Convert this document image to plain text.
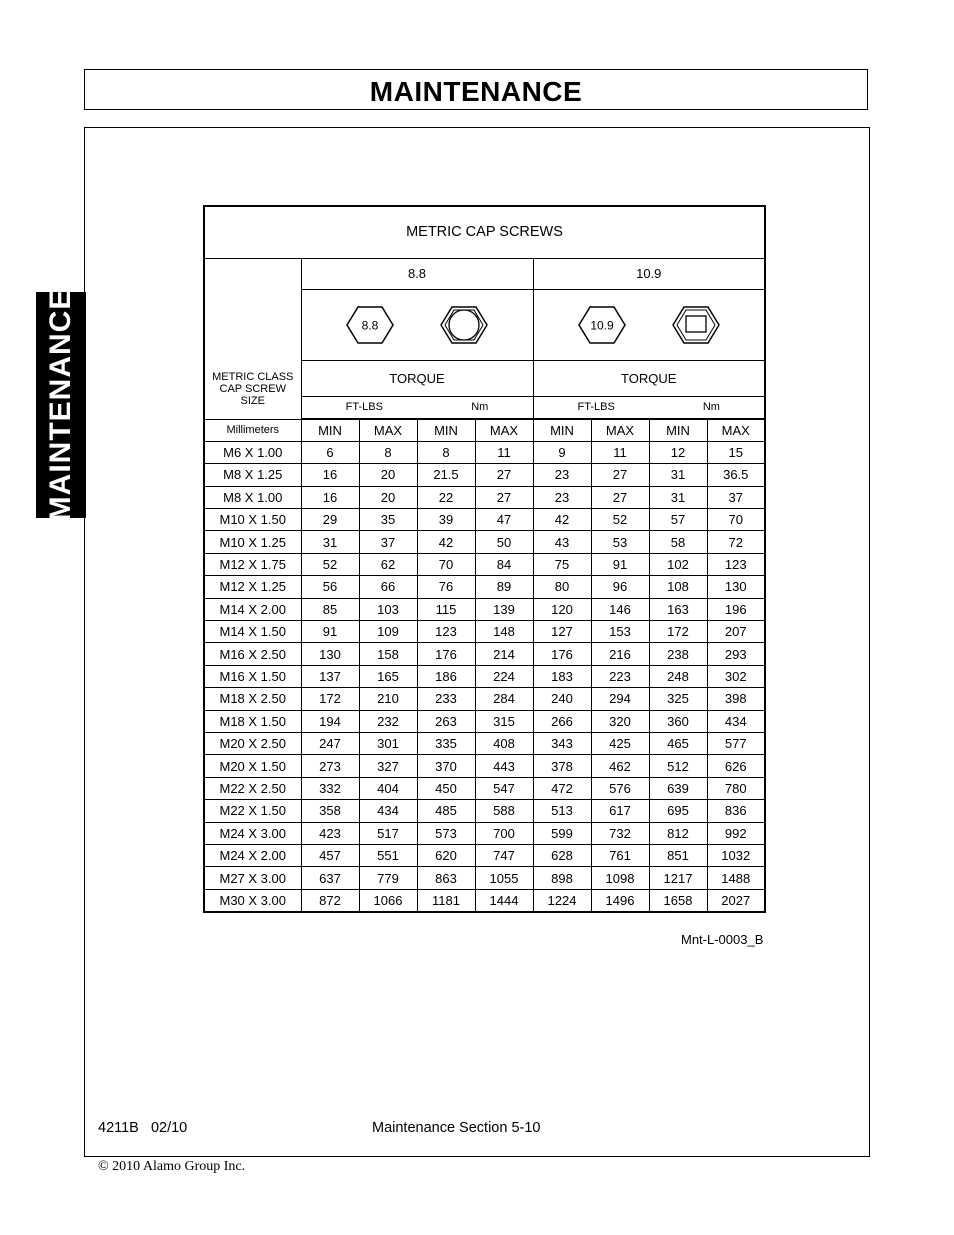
MAINTENANCE
MAINTENANCE
METRIC CAP SCREWS								

METRIC CLASS CAP SCREW SIZE	8.8				10.9			

8.8				10.9			

	TORQUE				TORQUE			

	FT-LBS Nm				FT-LBS Nm			

Millimeters	MIN	MAX	MIN	MAX	MIN	MAX	MIN	MAX
M6 X 1.00	6	8	8	11	9	11	12	15
M8 X 1.25	16	20	21.5	27	23	27	31	36.5
M8 X 1.00	16	20	22	27	23	27	31	37
M10 X 1.50	29	35	39	47	42	52	57	70
M10 X 1.25	31	37	42	50	43	53	58	72
M12 X 1.75	52	62	70	84	75	91	102	123
M12 X 1.25	56	66	76	89	80	96	108	130
M14 X 2.00	85	103	115	139	120	146	163	196
M14 X 1.50	91	109	123	148	127	153	172	207
M16 X 2.50	130	158	176	214	176	216	238	293
M16 X 1.50	137	165	186	224	183	223	248	302
M18 X 2.50	172	210	233	284	240	294	325	398
M18 X 1.50	194	232	263	315	266	320	360	434
M20 X 2.50	247	301	335	408	343	425	465	577
M20 X 1.50	273	327	370	443	378	462	512	626
M22 X 2.50	332	404	450	547	472	576	639	780
M22 X 1.50	358	434	485	588	513	617	695	836
M24 X 3.00	423	517	573	700	599	732	812	992
M24 X 2.00	457	551	620	747	628	761	851	1032
M27 X 3.00	637	779	863	1055	898	1098	1217	1488
M30 X 3.00	872	1066	1181	1444	1224	1496	1658	2027
Mnt-L-0003_B
4211B   02/10	Maintenance Section 5-10
© 2010 Alamo Group Inc.
